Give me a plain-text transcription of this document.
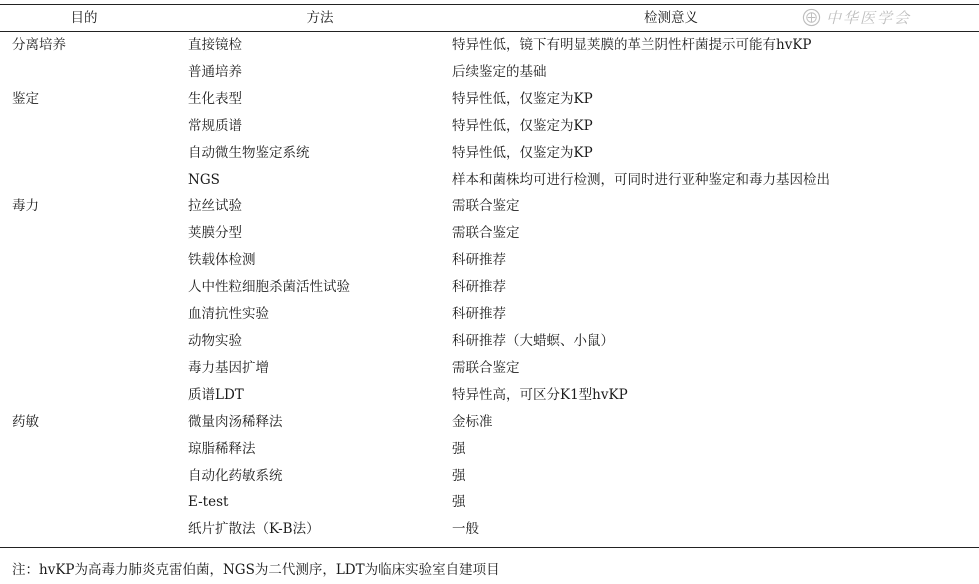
中华医学会
目的	方法	检测意义
分离培养	直接镜检	特异性低，镜下有明显荚膜的革兰阴性杆菌提示可能有hvKP
	普通培养	后续鉴定的基础
鉴定	生化表型	特异性低，仅鉴定为KP
	常规质谱	特异性低，仅鉴定为KP
	自动微生物鉴定系统	特异性低，仅鉴定为KP
	NGS	样本和菌株均可进行检测，可同时进行亚种鉴定和毒力基因检出
毒力	拉丝试验	需联合鉴定
	荚膜分型	需联合鉴定
	铁载体检测	科研推荐
	人中性粒细胞杀菌活性试验	科研推荐
	血清抗性实验	科研推荐
	动物实验	科研推荐（大蜡螟、小鼠）
	毒力基因扩增	需联合鉴定
	质谱LDT	特异性高，可区分K1型hvKP
药敏	微量肉汤稀释法	金标准
	琼脂稀释法	强
	自动化药敏系统	强
	E-test	强
	纸片扩散法（K-B法）	一般
注：hvKP为高毒力肺炎克雷伯菌，NGS为二代测序，LDT为临床实验室自建项目
